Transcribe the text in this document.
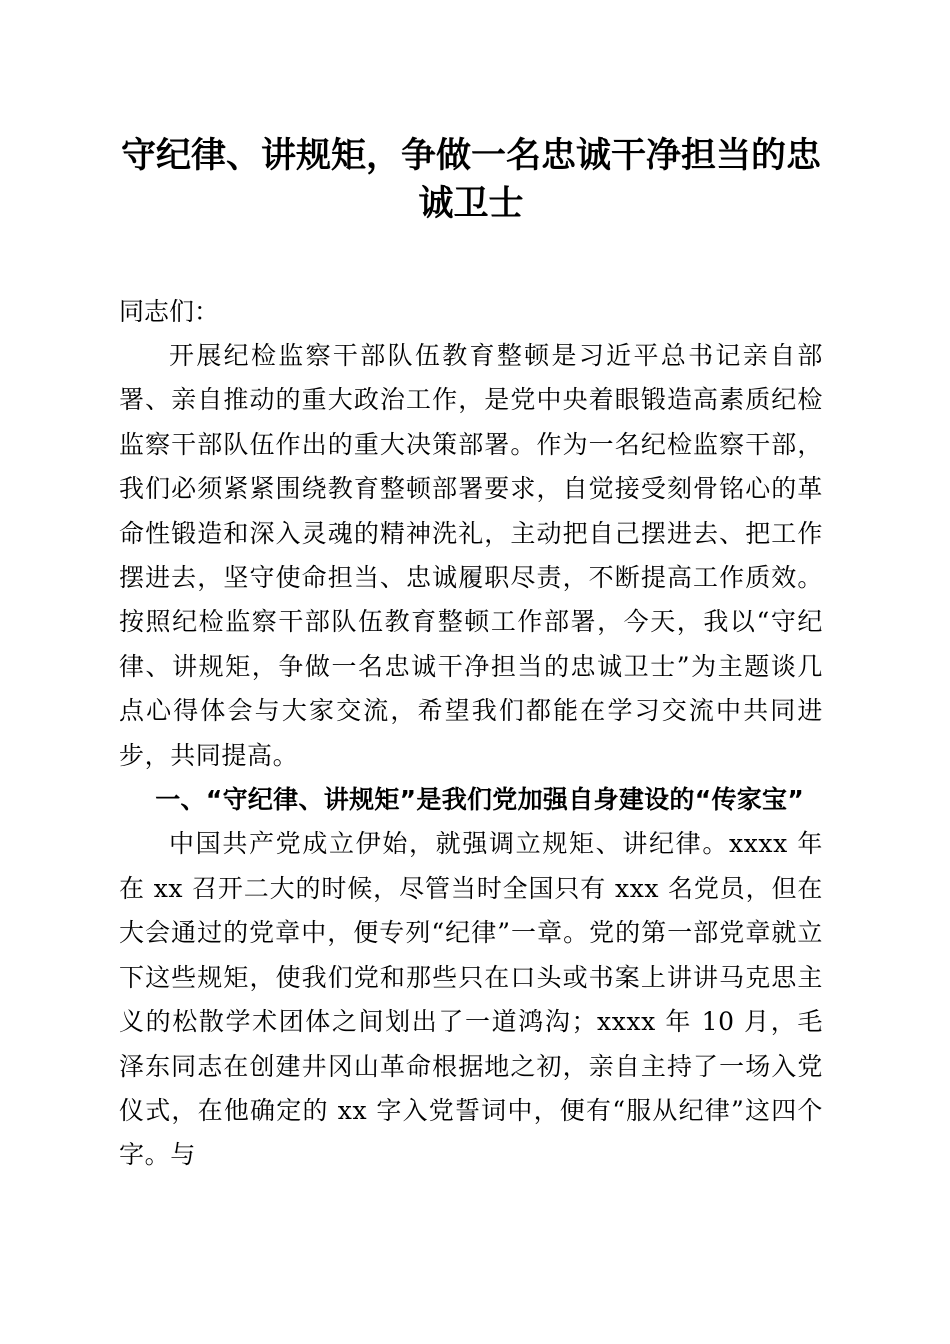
守纪律、讲规矩，争做一名忠诚干净担当的忠诚卫士

同志们：

开展纪检监察干部队伍教育整顿是习近平总书记亲自部署、亲自推动的重大政治工作，是党中央着眼锻造高素质纪检监察干部队伍作出的重大决策部署。作为一名纪检监察干部，我们必须紧紧围绕教育整顿部署要求，自觉接受刻骨铭心的革命性锻造和深入灵魂的精神洗礼，主动把自己摆进去、把工作摆进去，坚守使命担当、忠诚履职尽责，不断提高工作质效。按照纪检监察干部队伍教育整顿工作部署，今天，我以“守纪律、讲规矩，争做一名忠诚干净担当的忠诚卫士”为主题谈几点心得体会与大家交流，希望我们都能在学习交流中共同进步，共同提高。

一、“守纪律、讲规矩”是我们党加强自身建设的“传家宝”

中国共产党成立伊始，就强调立规矩、讲纪律。xxxx 年在 xx 召开二大的时候，尽管当时全国只有 xxx 名党员，但在大会通过的党章中，便专列“纪律”一章。党的第一部党章就立下这些规矩，使我们党和那些只在口头或书案上讲讲马克思主义的松散学术团体之间划出了一道鸿沟；xxxx 年 10 月，毛泽东同志在创建井冈山革命根据地之初，亲自主持了一场入党仪式，在他确定的 xx 字入党誓词中，便有“服从纪律”这四个字。与
